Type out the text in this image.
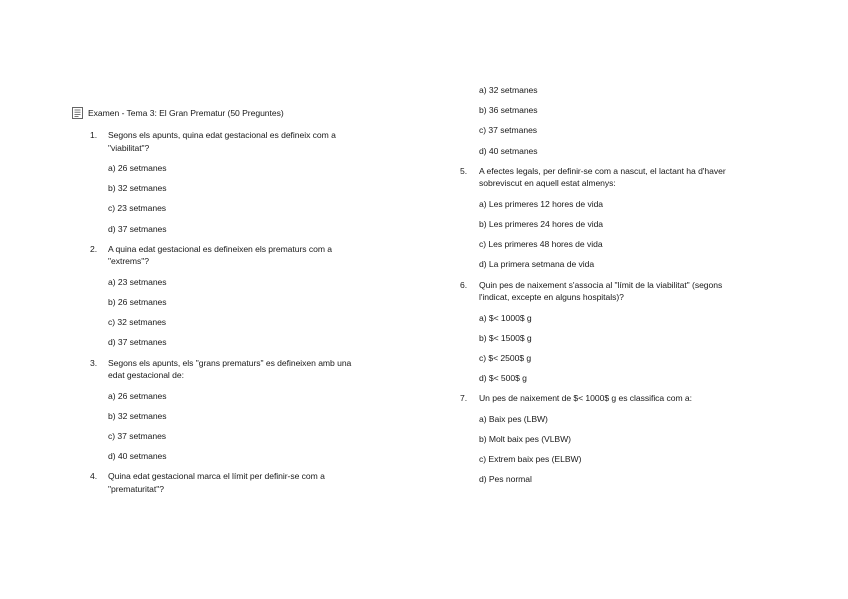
Examen - Tema 3: El Gran Prematur (50 Preguntes)
1.	Segons els apunts, quina edat gestacional es defineix com a
"viabilitat"?
a) 26 setmanes
b) 32 setmanes
c) 23 setmanes
d) 37 setmanes
2.	A quina edat gestacional es defineixen els prematurs com a
"extrems"?
a) 23 setmanes
b) 26 setmanes
c) 32 setmanes
d) 37 setmanes
3.	Segons els apunts, els "grans prematurs" es defineixen amb una
edat gestacional de:
a) 26 setmanes
b) 32 setmanes
c) 37 setmanes
d) 40 setmanes
4.	Quina edat gestacional marca el límit per definir-se com a
"prematuritat"?
a) 32 setmanes
b) 36 setmanes
c) 37 setmanes
d) 40 setmanes
5.	A efectes legals, per definir-se com a nascut, el lactant ha d'haver
sobreviscut en aquell estat almenys:
a) Les primeres 12 hores de vida
b) Les primeres 24 hores de vida
c) Les primeres 48 hores de vida
d) La primera setmana de vida
6.	Quin pes de naixement s'associa al "límit de la viabilitat" (segons
l'indicat, excepte en alguns hospitals)?
a) $< 1000$ g
b) $< 1500$ g
c) $< 2500$ g
d) $< 500$ g
7.	Un pes de naixement de $< 1000$ g es classifica com a:
a) Baix pes (LBW)
b) Molt baix pes (VLBW)
c) Extrem baix pes (ELBW)
d) Pes normal
